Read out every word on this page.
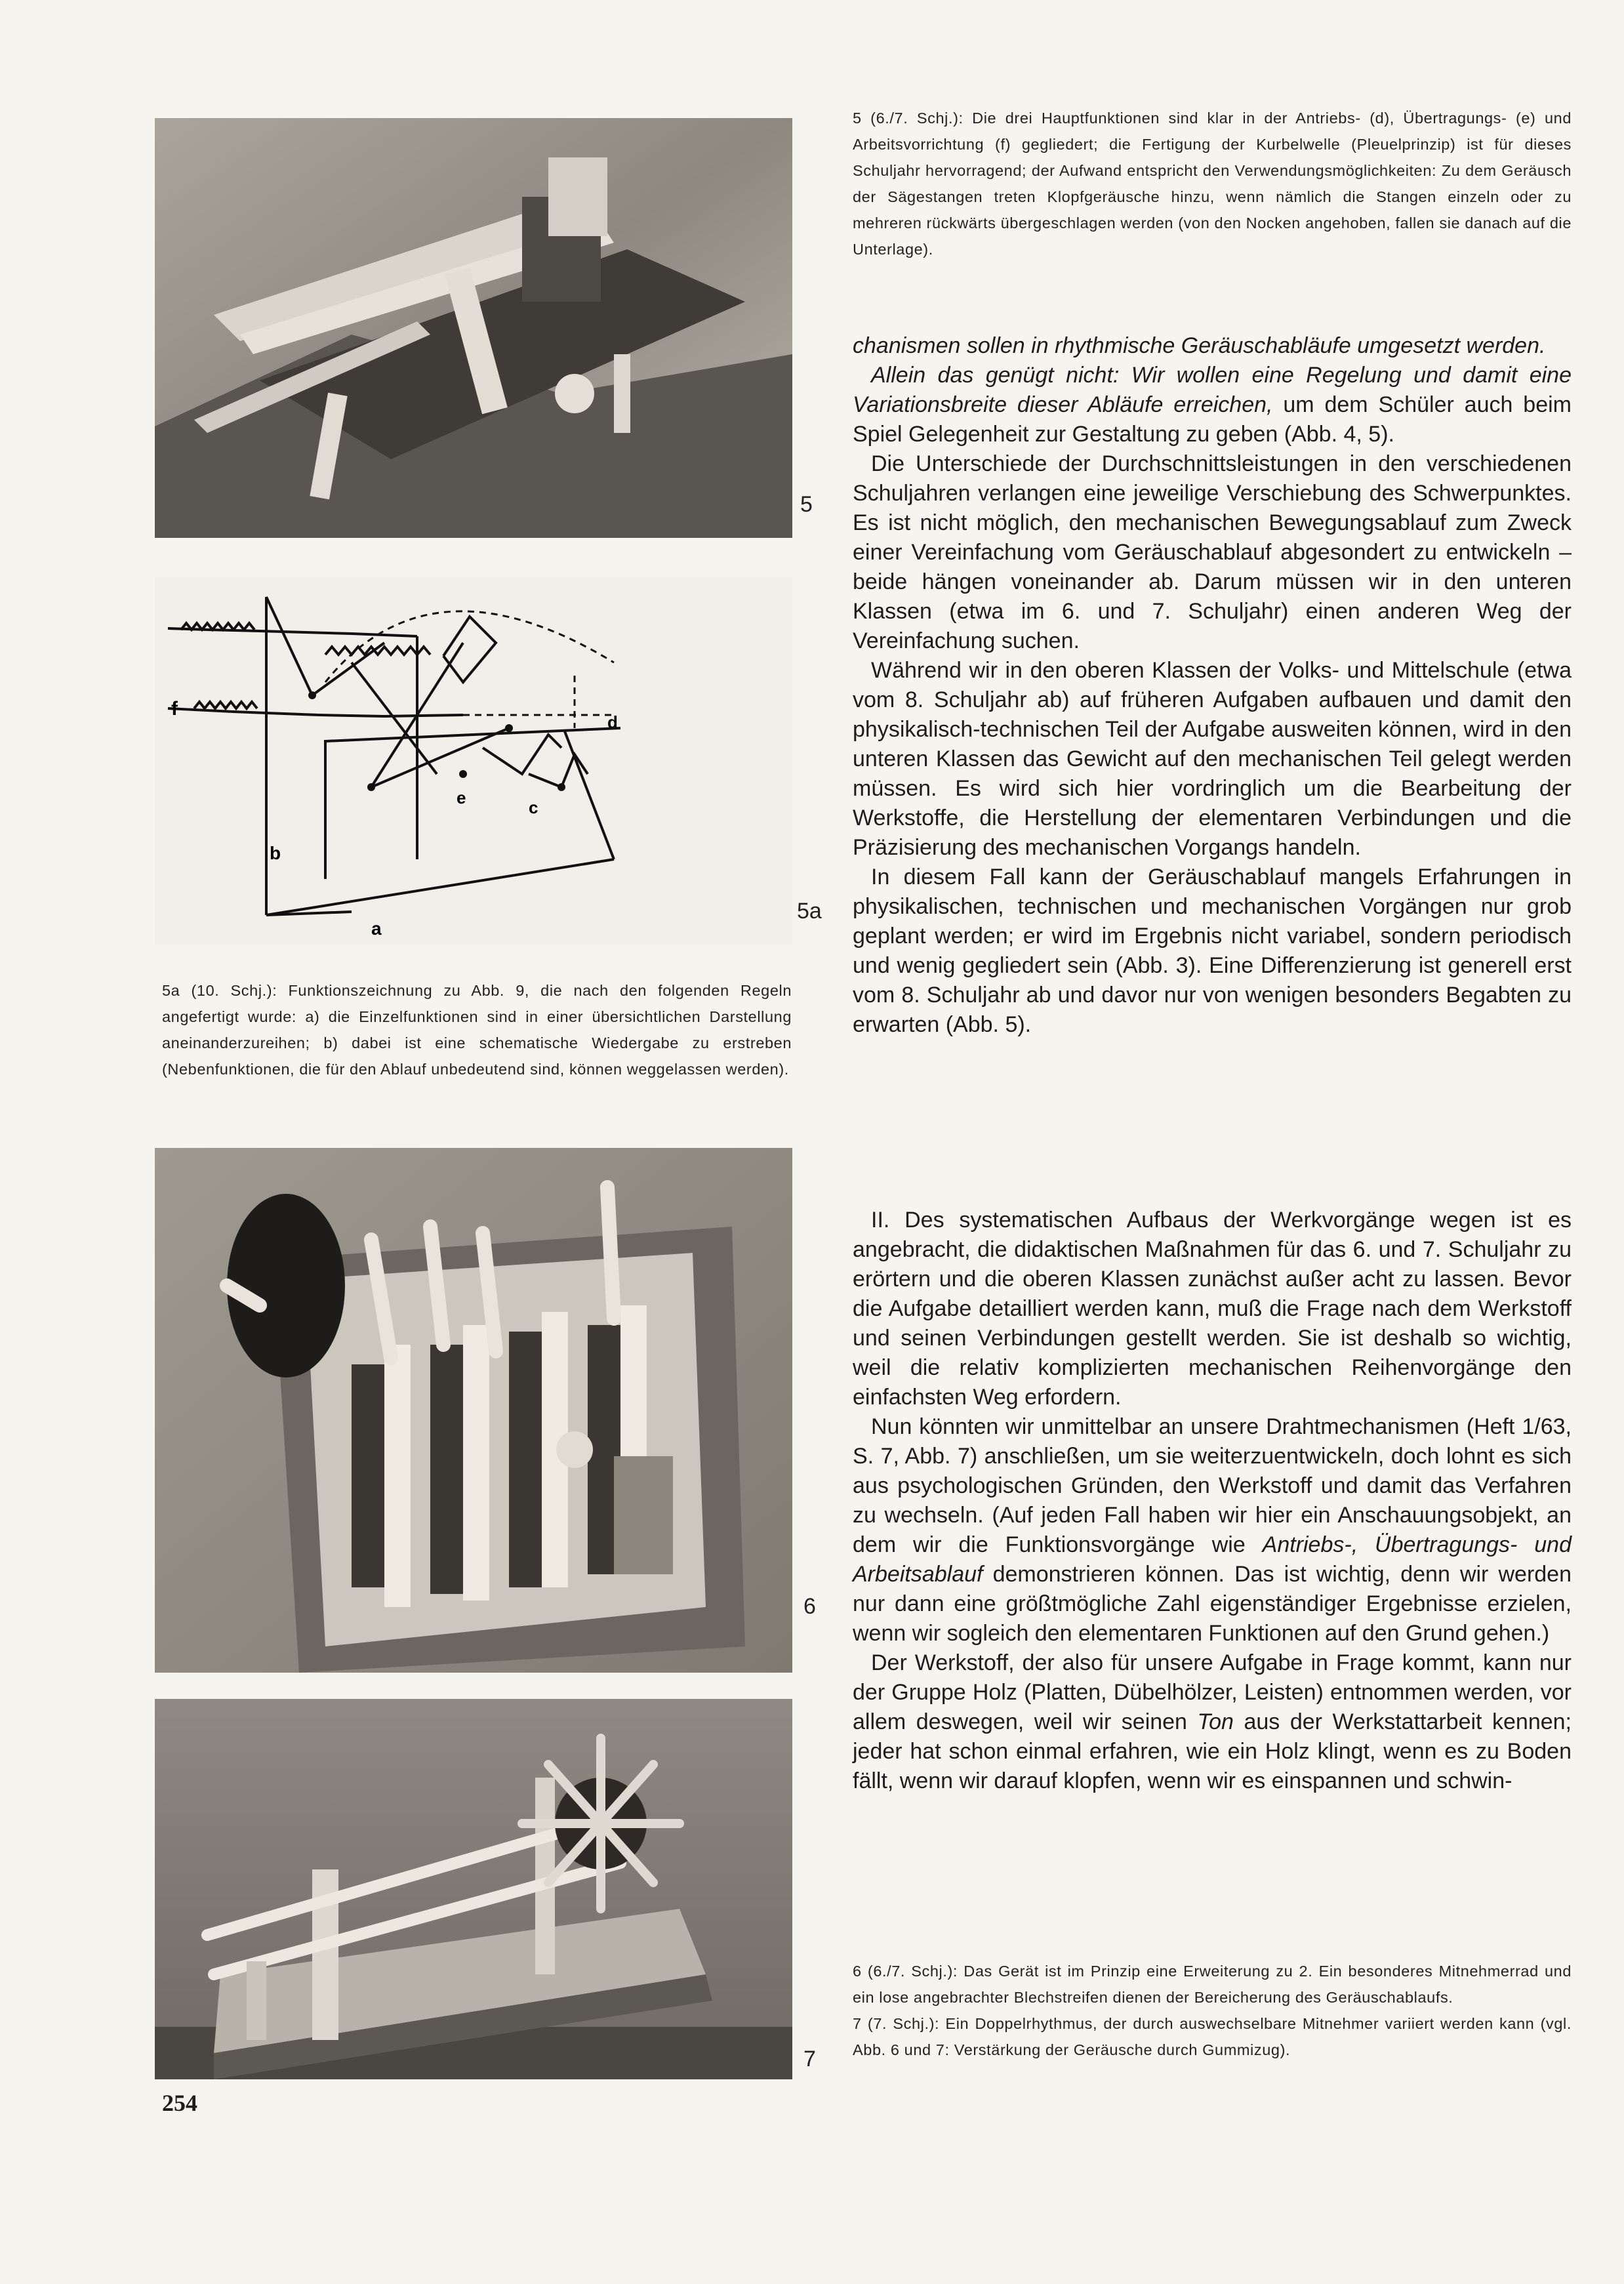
5

5 (6./7. Schj.): Die drei Hauptfunktionen sind klar in der Antriebs- (d), Übertragungs- (e) und Arbeitsvorrichtung (f) gegliedert; die Fertigung der Kurbelwelle (Pleuelprinzip) ist für dieses Schuljahr hervorragend; der Aufwand entspricht den Verwendungsmöglichkeiten: Zu dem Geräusch der Sägestangen treten Klopfgeräusche hinzu, wenn nämlich die Stangen einzeln oder zu mehreren rückwärts übergeschlagen werden (von den Nocken angehoben, fallen sie danach auf die Unterlage).

f
b
a
c
d
e
5a

5a (10. Schj.): Funktionszeichnung zu Abb. 9, die nach den folgenden Regeln angefertigt wurde: a) die Einzelfunktionen sind in einer übersichtlichen Darstellung aneinanderzureihen; b) dabei ist eine schematische Wiedergabe zu erstreben (Nebenfunktionen, die für den Ablauf unbedeutend sind, können weggelassen werden).

6
7

chanismen sollen in rhythmische Geräuschabläufe umgesetzt werden.

Allein das genügt nicht: Wir wollen eine Regelung und damit eine Variationsbreite dieser Abläufe erreichen, um dem Schüler auch beim Spiel Gelegenheit zur Gestaltung zu geben (Abb. 4, 5).

Die Unterschiede der Durchschnittsleistungen in den verschiedenen Schuljahren verlangen eine jeweilige Verschiebung des Schwerpunktes. Es ist nicht möglich, den mechanischen Bewegungsablauf zum Zweck einer Vereinfachung vom Geräuschablauf abgesondert zu entwickeln – beide hängen voneinander ab. Darum müssen wir in den unteren Klassen (etwa im 6. und 7. Schuljahr) einen anderen Weg der Vereinfachung suchen.

Während wir in den oberen Klassen der Volks- und Mittelschule (etwa vom 8. Schuljahr ab) auf früheren Aufgaben aufbauen und damit den physikalisch-technischen Teil der Aufgabe ausweiten können, wird in den unteren Klassen das Gewicht auf den mechanischen Teil gelegt werden müssen. Es wird sich hier vordringlich um die Bearbeitung der Werkstoffe, die Herstellung der elementaren Verbindungen und die Präzisierung des mechanischen Vorgangs handeln.

In diesem Fall kann der Geräuschablauf mangels Erfahrungen in physikalischen, technischen und mechanischen Vorgängen nur grob geplant werden; er wird im Ergebnis nicht variabel, sondern periodisch und wenig gegliedert sein (Abb. 3). Eine Differenzierung ist generell erst vom 8. Schuljahr ab und davor nur von wenigen besonders Begabten zu erwarten (Abb. 5).

II. Des systematischen Aufbaus der Werkvorgänge wegen ist es angebracht, die didaktischen Maßnahmen für das 6. und 7. Schuljahr zu erörtern und die oberen Klassen zunächst außer acht zu lassen. Bevor die Aufgabe detailliert werden kann, muß die Frage nach dem Werkstoff und seinen Verbindungen gestellt werden. Sie ist deshalb so wichtig, weil die relativ komplizierten mechanischen Reihenvorgänge den einfachsten Weg erfordern.

Nun könnten wir unmittelbar an unsere Drahtmechanismen (Heft 1/63, S. 7, Abb. 7) anschließen, um sie weiterzuentwickeln, doch lohnt es sich aus psychologischen Gründen, den Werkstoff und damit das Verfahren zu wechseln. (Auf jeden Fall haben wir hier ein Anschauungsobjekt, an dem wir die Funktionsvorgänge wie Antriebs-, Übertragungs- und Arbeitsablauf demonstrieren können. Das ist wichtig, denn wir werden nur dann eine größtmögliche Zahl eigenständiger Ergebnisse erzielen, wenn wir sogleich den elementaren Funktionen auf den Grund gehen.)

Der Werkstoff, der also für unsere Aufgabe in Frage kommt, kann nur der Gruppe Holz (Platten, Dübelhölzer, Leisten) entnommen werden, vor allem deswegen, weil wir seinen Ton aus der Werkstattarbeit kennen; jeder hat schon einmal erfahren, wie ein Holz klingt, wenn es zu Boden fällt, wenn wir darauf klopfen, wenn wir es einspannen und schwin-

6 (6./7. Schj.): Das Gerät ist im Prinzip eine Erweiterung zu 2. Ein besonderes Mitnehmerrad und ein lose angebrachter Blechstreifen dienen der Bereicherung des Geräuschablaufs.

7 (7. Schj.): Ein Doppelrhythmus, der durch auswechselbare Mitnehmer variiert werden kann (vgl. Abb. 6 und 7: Verstärkung der Geräusche durch Gummizug).

254
